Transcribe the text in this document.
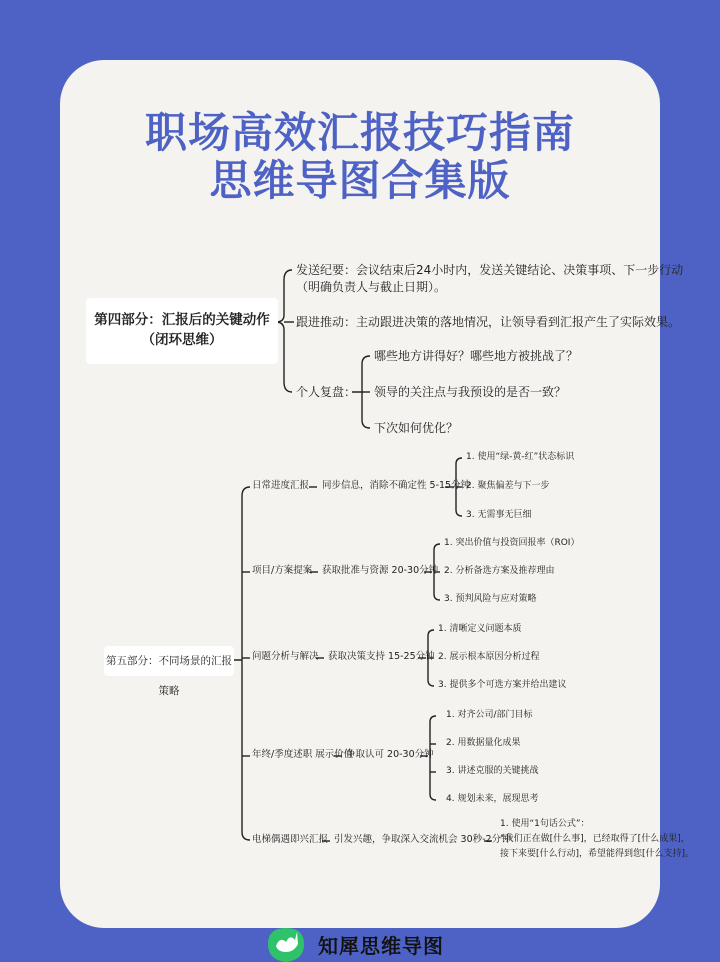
职场高效汇报技巧指南
思维导图合集版
第四部分：汇报后的关键动作
（闭环思维）
发送纪要：会议结束后24小时内，发送关键结论、决策事项、下一步行动
（明确负责人与截止日期）。
跟进推动：主动跟进决策的落地情况，让领导看到汇报产生了实际效果。
个人复盘：
哪些地方讲得好？哪些地方被挑战了？
领导的关注点与我预设的是否一致？
下次如何优化？
第五部分：不同场景的汇报策略
日常进度汇报 同步信息，消除不确定性 5-15分钟
1. 使用“绿-黄-红”状态标识
2. 聚焦偏差与下一步
3. 无需事无巨细
项目/方案提案 获取批准与资源 20-30分钟
1. 突出价值与投资回报率（ROI）
2. 分析备选方案及推荐理由
3. 预判风险与应对策略
问题分析与解决 获取决策支持 15-25分钟
1. 清晰定义问题本质
2. 展示根本原因分析过程
3. 提供多个可选方案并给出建议
年终/季度述职 展示价值
争取认可 20-30分钟
1. 对齐公司/部门目标
2. 用数据量化成果
3. 讲述克服的关键挑战
4. 规划未来，展现思考
电梯偶遇即兴汇报 引发兴趣，争取深入交流机会 30秒-2分钟
1. 使用“1句话公式”：
“我们正在做[什么事]，已经取得了[什么成果]，
接下来要[什么行动]，希望能得到您[什么支持]。
知犀思维导图
